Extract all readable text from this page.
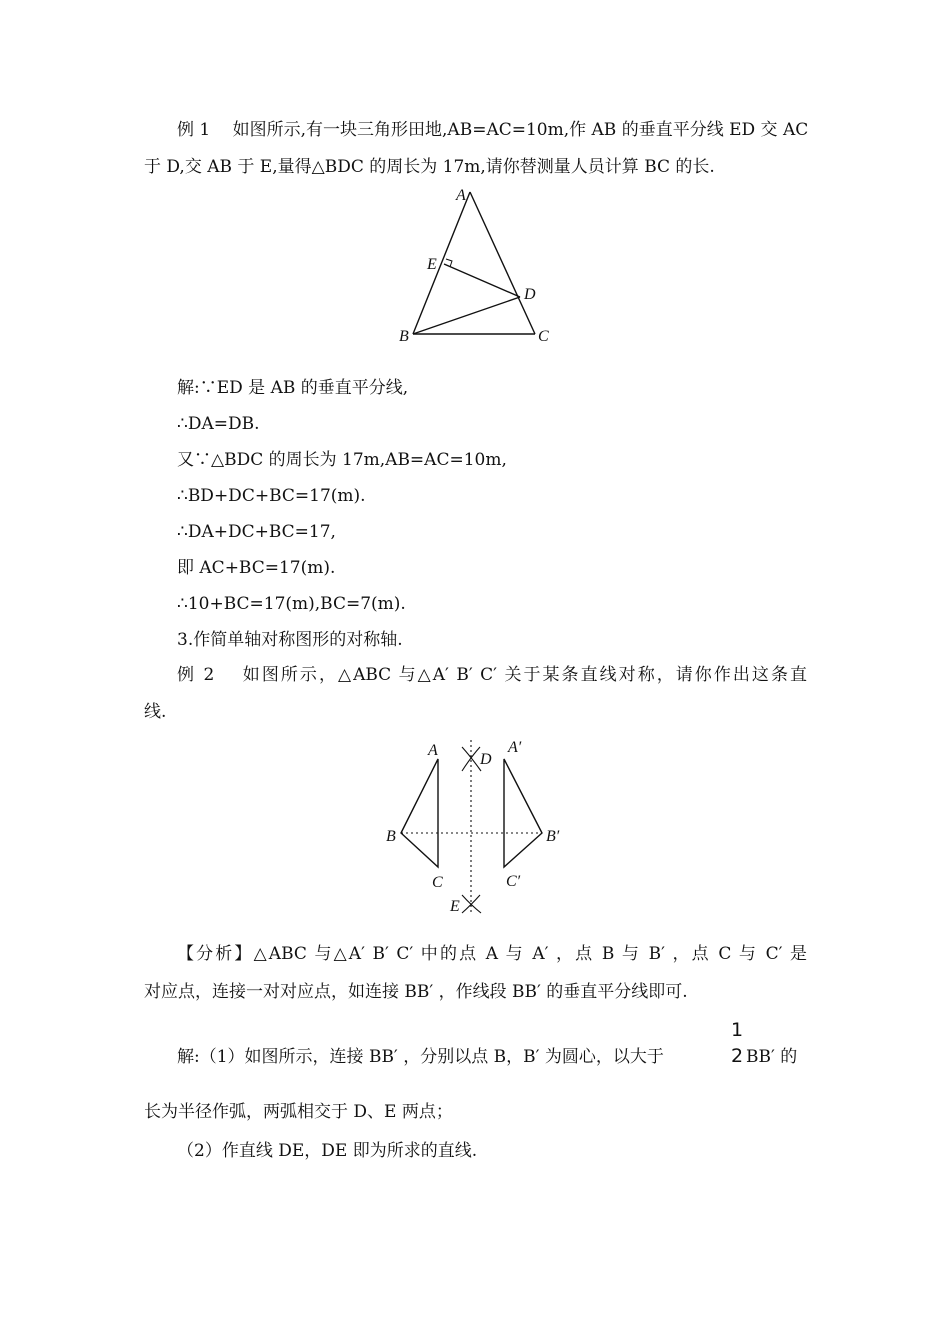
例 1　 如图所示,有一块三角形田地,AB=AC=10m,作 AB 的垂直平分线 ED 交 AC
于 D,交 AB 于 E,量得△BDC 的周长为 17m,请你替测量人员计算 BC 的长.
A
B	C
D
E
解:∵ED 是 AB 的垂直平分线,
∴DA=DB.
又∵△BDC 的周长为 17m,AB=AC=10m,
∴BD+DC+BC=17(m).
∴DA+DC+BC=17,
即 AC+BC=17(m).
∴10+BC=17(m),BC=7(m).
3.作简单轴对称图形的对称轴.
例 2　 如图所示，△ABC 与△A′ B′ C′ 关于某条直线对称，请你作出这条直
线.
A
B
C
A′
B′
C′
D
E
【分析】△ABC 与△A′ B′ C′ 中的点 A 与 A′ ，点 B 与 B′ ，点 C 与 C′ 是
对应点，连接一对对应点，如连接 BB′ ，作线段 BB′ 的垂直平分线即可.
解:（1）如图所示，连接 BB′ ，分别以点 B，B′ 为圆心，以大于
1
2 BB′ 的
长为半径作弧，两弧相交于 D、E 两点；
（2）作直线 DE，DE 即为所求的直线.
